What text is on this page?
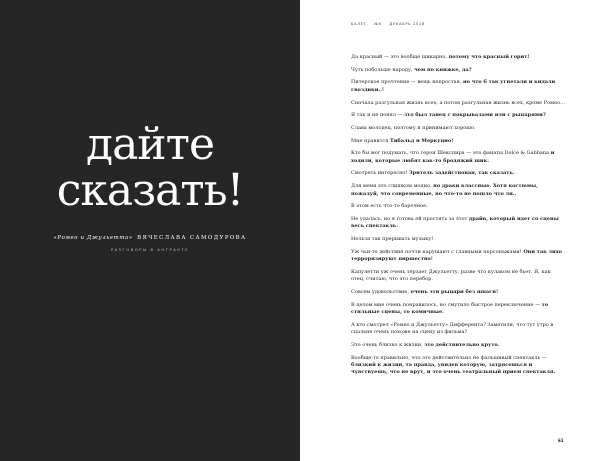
дайте
сказать!
«Ромео и Джульетта» ВЯЧЕСЛАВА САМОДУРОВА
РАЗГОВОРЫ В АНТРАКТЕ
БАЛЕТ №6 ДЕКАБРЬ 2018

Да красный — это вообще шикарно, потому что красный горит!

Чуть побольше народу, чем по книжке, да?

Питерское прочтение — вещь непростая, но что б так угнетали и кидали гвоздики..!

Сначала разгульная жизнь всех, а потом разгульная жизнь всех, кроме Ромео…

Я так и не понял — это был танец с покрывалами или с рыцарями?

Слава молодец, поэтому и принимают хорошо.

Мне нравится Тибальд и Меркуцио!

Кто бы мог подумать, что герои Шекспира — это фанаты Dolce & Gabbana и ходили, которые любят как-то бродяжий шик.

Смотреть интересно! Зритель задействован, так сказать.

Для меня это слишком модно, но драки классные. Хотя костюмы, пожалуй, что современные, но что-то не пошло что ли..

В этом есть что-то барочное.

Не удалась, но я готова ей простить за этот драйв, который идет со сцены весь спектакль.

Нельзя так прерывать музыку!

Уж чьи-то действия почти нарушают с главными персонажами! Они так лихо терроризируют пиршество!

Капулетти уж очень терзает Джульетту, разве что кулаком не бьет. Я, как отец, считаю, что это перебор.

Совсем удовольствие, очень эти рыцари без шпаги!

В целом мне очень понравилось, но смутило быстрое переключение — то стильные сцены, то комичные.

А кто смотрел «Ромео и Джульетту» Дифферента? Заметили, что тут утро в спальне очень похоже на сцену из фильма?

Это очень близко к жизни, это действительно круто.

Вообще-то правильно, что это действительно не фальшивый спектакль — близкий к жизни, та правда, увидев которую, затрясешься и чувствуешь, что не врут, и это очень театральный прием спектакля.

61
